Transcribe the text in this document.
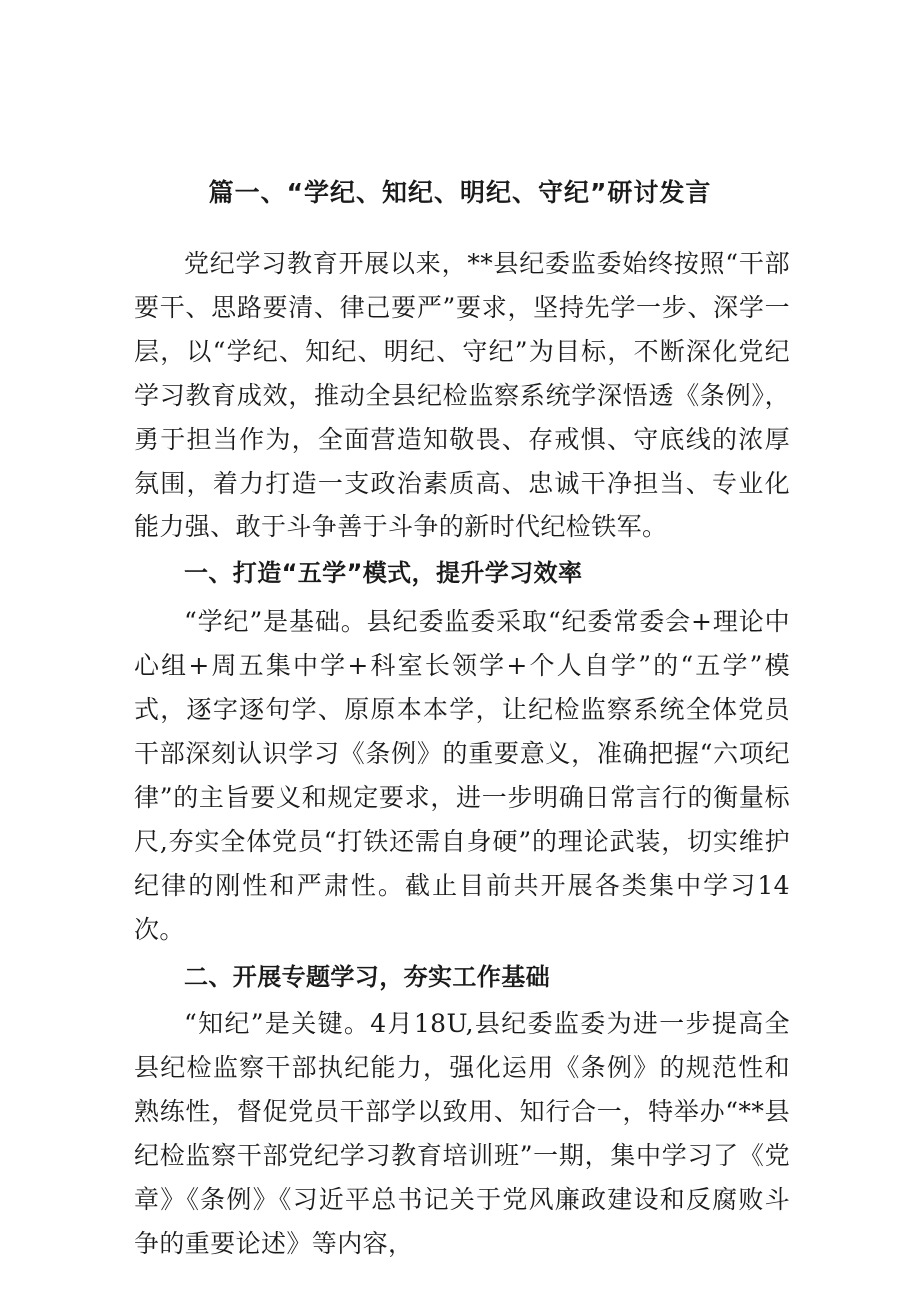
篇一、“学纪、知纪、明纪、守纪”研讨发言

党纪学习教育开展以来，**县纪委监委始终按照“干部要干、思路要清、律己要严”要求，坚持先学一步、深学一层，以“学纪、知纪、明纪、守纪”为目标，不断深化党纪学习教育成效，推动全县纪检监察系统学深悟透《条例》，勇于担当作为，全面营造知敬畏、存戒惧、守底线的浓厚氛围，着力打造一支政治素质高、忠诚干净担当、专业化能力强、敢于斗争善于斗争的新时代纪检铁军。

一、打造“五学”模式，提升学习效率

“学纪”是基础。县纪委监委采取“纪委常委会+理论中心组+周五集中学+科室长领学+个人自学”的“五学”模式，逐字逐句学、原原本本学，让纪检监察系统全体党员干部深刻认识学习《条例》的重要意义，准确把握“六项纪律”的主旨要义和规定要求，进一步明确日常言行的衡量标尺,夯实全体党员“打铁还需自身硬”的理论武装，切实维护纪律的刚性和严肃性。截止目前共开展各类集中学习14次。

二、开展专题学习，夯实工作基础

“知纪”是关键。4月18U,县纪委监委为进一步提高全县纪检监察干部执纪能力，强化运用《条例》的规范性和熟练性，督促党员干部学以致用、知行合一，特举办“**县纪检监察干部党纪学习教育培训班”一期，集中学习了《党章》《条例》《习近平总书记关于党风廉政建设和反腐败斗争的重要论述》等内容，
